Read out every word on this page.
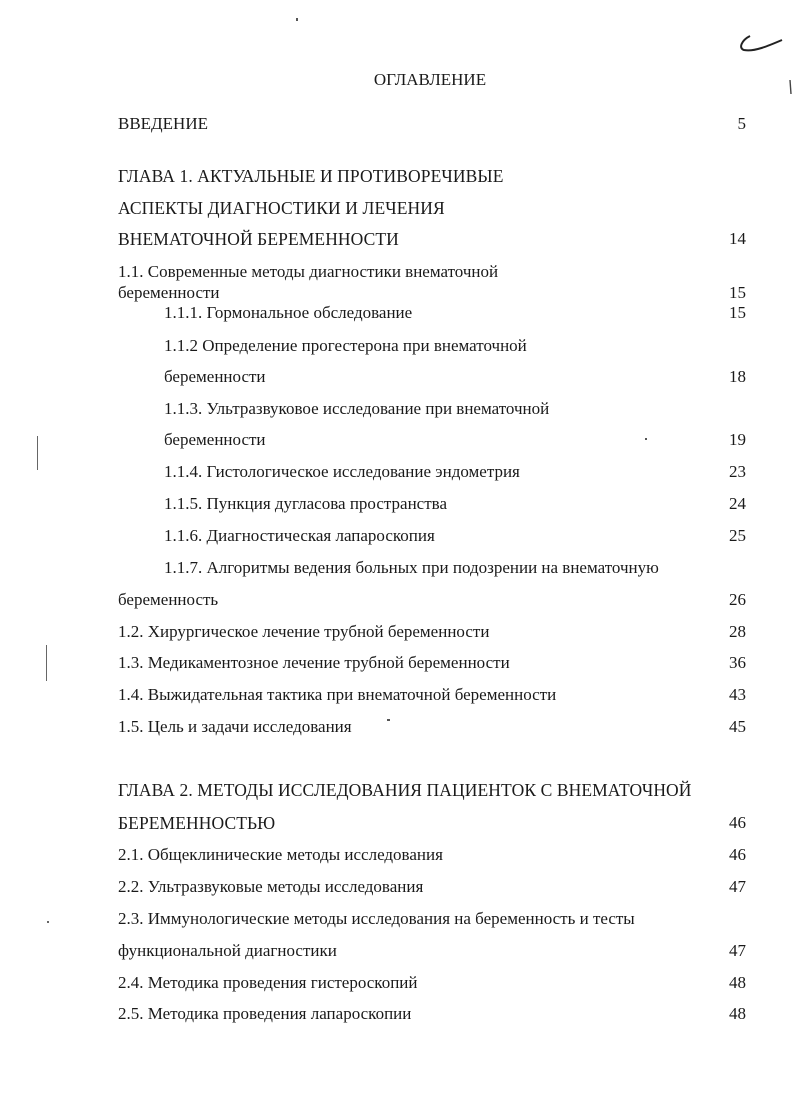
ОГЛАВЛЕНИЕ
ВВЕДЕНИЕ	5
ГЛАВА 1. АКТУАЛЬНЫЕ И ПРОТИВОРЕЧИВЫЕ
АСПЕКТЫ ДИАГНОСТИКИ И ЛЕЧЕНИЯ
ВНЕМАТОЧНОЙ БЕРЕМЕННОСТИ	14
1.1. Современные методы диагностики внематочной
беременности	15
1.1.1. Гормональное обследование	15
1.1.2 Определение прогестерона при внематочной
беременности	18
1.1.3. Ультразвуковое исследование при внематочной
беременности	19
1.1.4. Гистологическое исследование эндометрия	23
1.1.5. Пункция дугласова пространства	24
1.1.6. Диагностическая лапароскопия	25
1.1.7. Алгоритмы ведения больных при подозрении на внематочную
беременность	26
1.2. Хирургическое лечение трубной беременности	28
1.3. Медикаментозное лечение трубной беременности	36
1.4. Выжидательная тактика при внематочной беременности	43
1.5. Цель и задачи исследования	45
ГЛАВА 2. МЕТОДЫ ИССЛЕДОВАНИЯ ПАЦИЕНТОК С ВНЕМАТОЧНОЙ
БЕРЕМЕННОСТЬЮ	46
2.1. Общеклинические методы исследования	46
2.2. Ультразвуковые методы исследования	47
2.3. Иммунологические методы исследования на беременность и тесты
функциональной диагностики	47
2.4. Методика проведения гистероскопий	48
2.5. Методика проведения лапароскопии	48
